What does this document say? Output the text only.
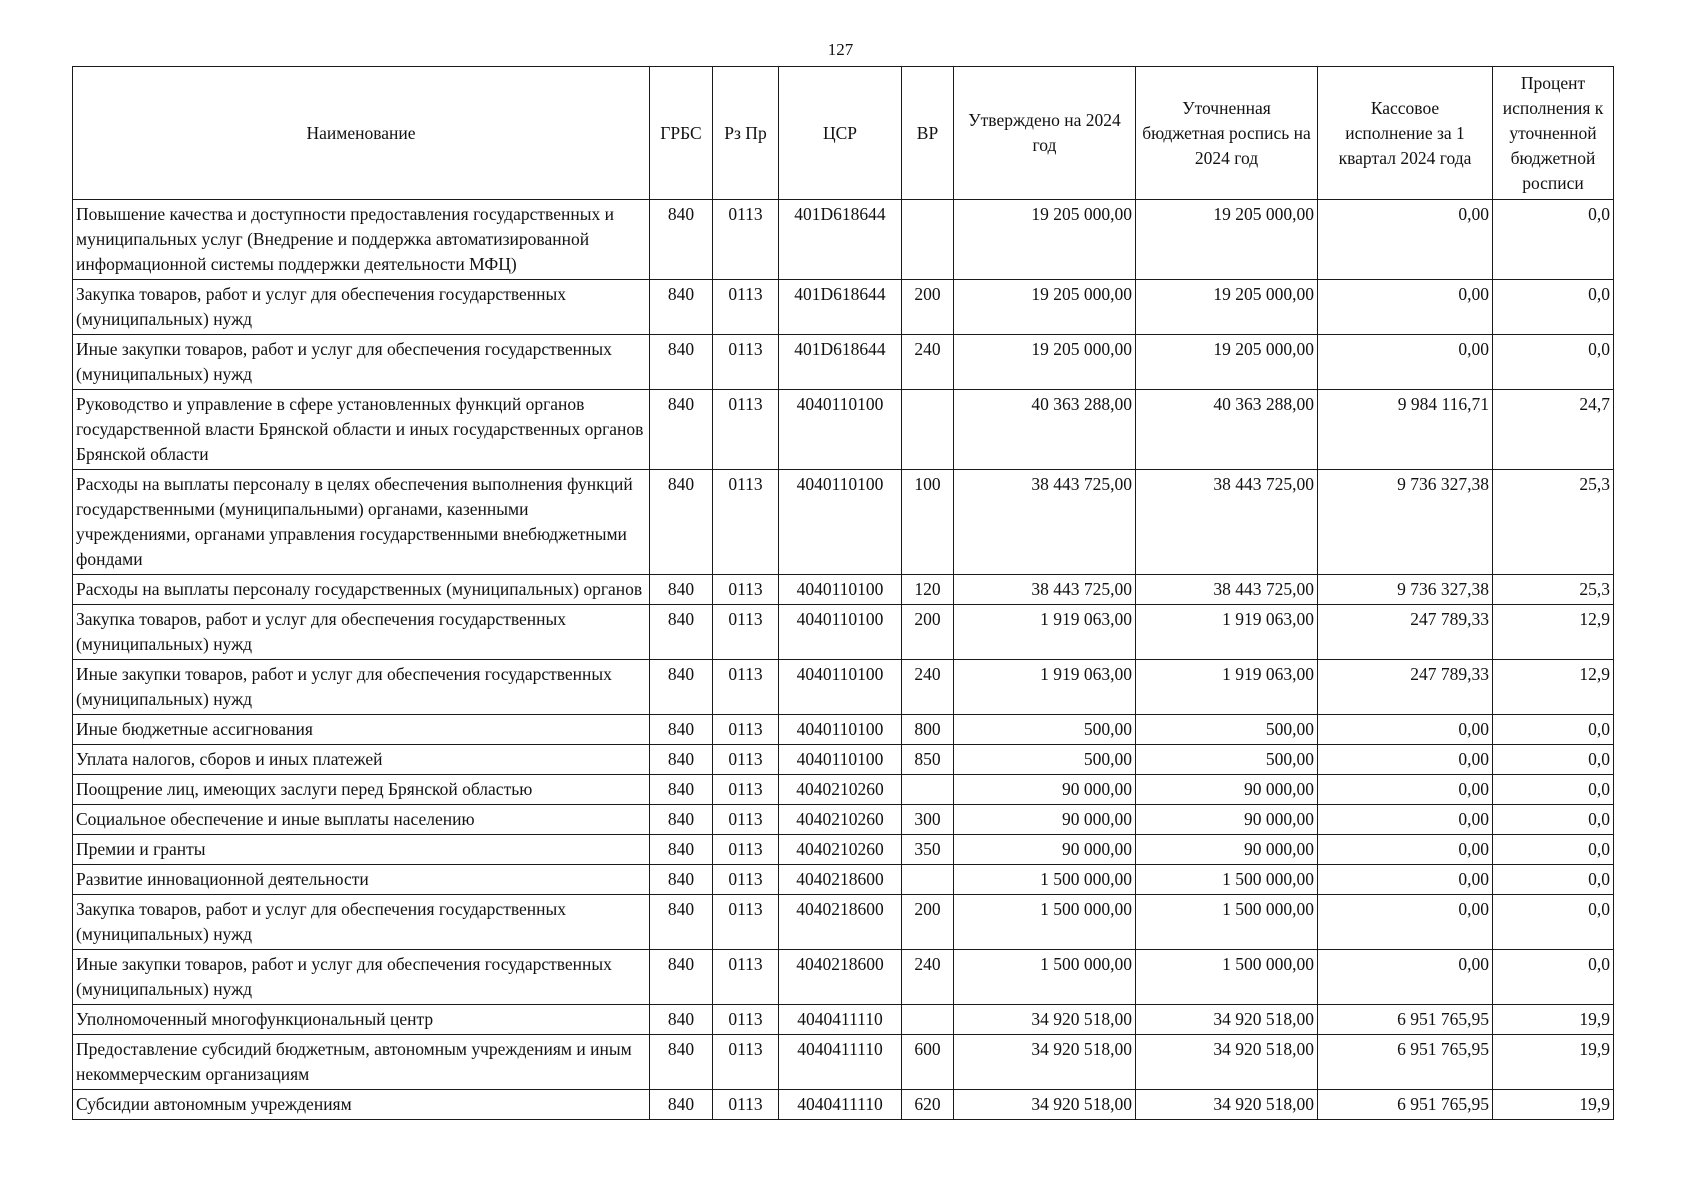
127
Наименование	ГРБС	Рз Пр	ЦСР	ВР	Утверждено на 2024 год	Уточненная бюджетная роспись на 2024 год	Кассовое исполнение за 1 квартал 2024 года	Процент исполнения к уточненной бюджетной росписи
Повышение качества и доступности предоставления государственных и муниципальных услуг (Внедрение и поддержка автоматизированной информационной системы поддержки деятельности МФЦ)	840	0113	401D618644		19 205 000,00	19 205 000,00	0,00	0,0
Закупка товаров, работ и услуг для обеспечения государственных (муниципальных) нужд	840	0113	401D618644	200	19 205 000,00	19 205 000,00	0,00	0,0
Иные закупки товаров, работ и услуг для обеспечения государственных (муниципальных) нужд	840	0113	401D618644	240	19 205 000,00	19 205 000,00	0,00	0,0
Руководство и управление в сфере установленных функций органов государственной власти Брянской области и иных государственных органов Брянской области	840	0113	4040110100		40 363 288,00	40 363 288,00	9 984 116,71	24,7
Расходы на выплаты персоналу в целях обеспечения выполнения функций государственными (муниципальными) органами, казенными учреждениями, органами управления государственными внебюджетными фондами	840	0113	4040110100	100	38 443 725,00	38 443 725,00	9 736 327,38	25,3
Расходы на выплаты персоналу государственных (муниципальных) органов	840	0113	4040110100	120	38 443 725,00	38 443 725,00	9 736 327,38	25,3
Закупка товаров, работ и услуг для обеспечения государственных (муниципальных) нужд	840	0113	4040110100	200	1 919 063,00	1 919 063,00	247 789,33	12,9
Иные закупки товаров, работ и услуг для обеспечения государственных (муниципальных) нужд	840	0113	4040110100	240	1 919 063,00	1 919 063,00	247 789,33	12,9
Иные бюджетные ассигнования	840	0113	4040110100	800	500,00	500,00	0,00	0,0
Уплата налогов, сборов и иных платежей	840	0113	4040110100	850	500,00	500,00	0,00	0,0
Поощрение лиц, имеющих заслуги перед Брянской областью	840	0113	4040210260		90 000,00	90 000,00	0,00	0,0
Социальное обеспечение и иные выплаты населению	840	0113	4040210260	300	90 000,00	90 000,00	0,00	0,0
Премии и гранты	840	0113	4040210260	350	90 000,00	90 000,00	0,00	0,0
Развитие инновационной деятельности	840	0113	4040218600		1 500 000,00	1 500 000,00	0,00	0,0
Закупка товаров, работ и услуг для обеспечения государственных (муниципальных) нужд	840	0113	4040218600	200	1 500 000,00	1 500 000,00	0,00	0,0
Иные закупки товаров, работ и услуг для обеспечения государственных (муниципальных) нужд	840	0113	4040218600	240	1 500 000,00	1 500 000,00	0,00	0,0
Уполномоченный многофункциональный центр	840	0113	4040411110		34 920 518,00	34 920 518,00	6 951 765,95	19,9
Предоставление субсидий бюджетным, автономным учреждениям и иным некоммерческим организациям	840	0113	4040411110	600	34 920 518,00	34 920 518,00	6 951 765,95	19,9
Субсидии автономным учреждениям	840	0113	4040411110	620	34 920 518,00	34 920 518,00	6 951 765,95	19,9
